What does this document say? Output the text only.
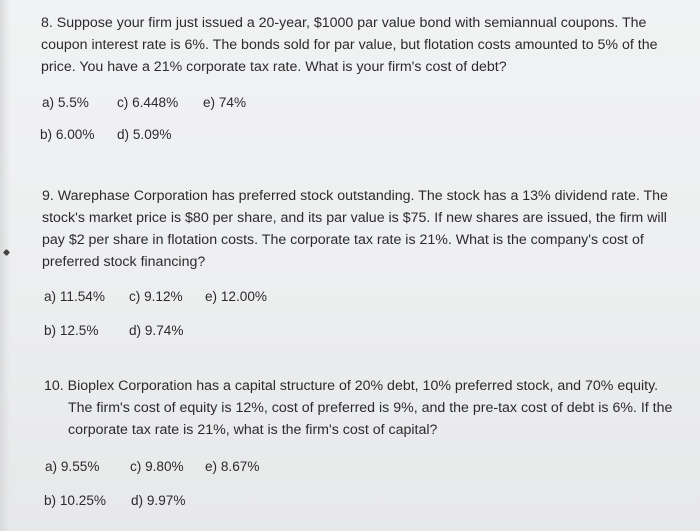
8. Suppose your firm just issued a 20-year, $1000 par value bond with semiannual coupons. The

coupon interest rate is 6%. The bonds sold for par value, but flotation costs amounted to 5% of the

price. You have a 21% corporate tax rate. What is your firm's cost of debt?

a) 5.5% c) 6.448% e) 74%
b) 6.00% d) 5.09%

9. Warephase Corporation has preferred stock outstanding. The stock has a 13% dividend rate. The

stock's market price is $80 per share, and its par value is $75. If new shares are issued, the firm will

pay $2 per share in flotation costs. The corporate tax rate is 21%. What is the company's cost of

preferred stock financing?

a) 11.54% c) 9.12% e) 12.00%
b) 12.5% d) 9.74%

10. Bioplex Corporation has a capital structure of 20% debt, 10% preferred stock, and 70% equity.

The firm's cost of equity is 12%, cost of preferred is 9%, and the pre-tax cost of debt is 6%. If the

corporate tax rate is 21%, what is the firm's cost of capital?

a) 9.55% c) 9.80% e) 8.67%
b) 10.25% d) 9.97%
